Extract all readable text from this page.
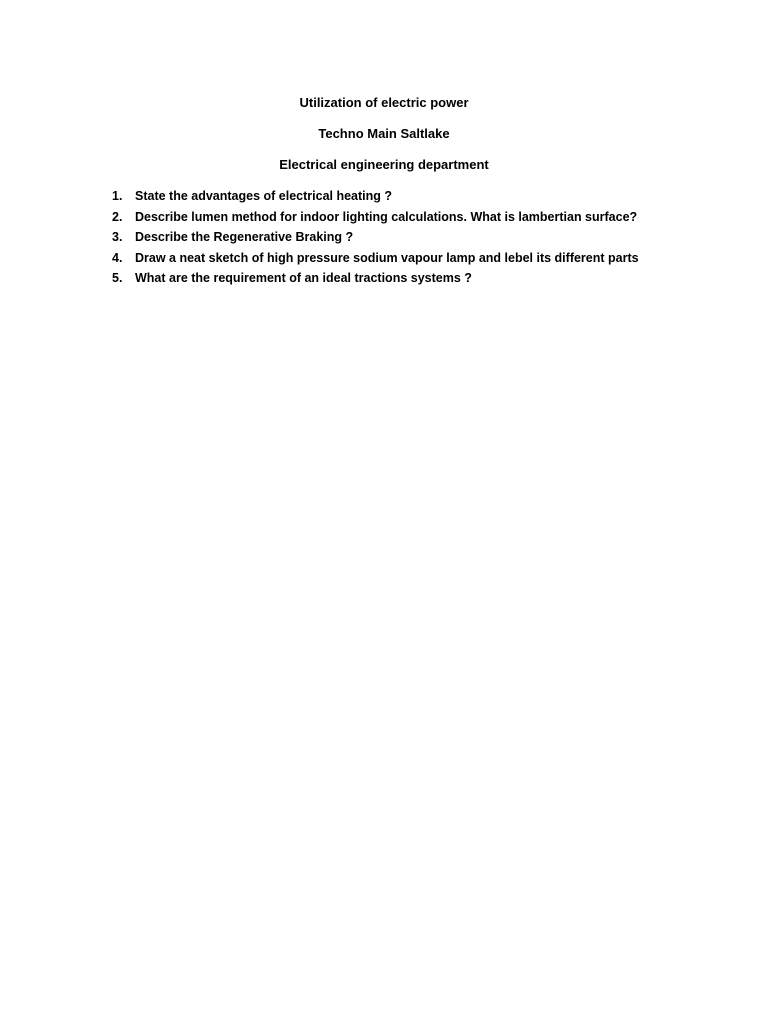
Utilization of electric power
Techno Main Saltlake
Electrical engineering department
1.	State the advantages of electrical heating ?
2.	Describe lumen method for indoor lighting calculations. What is lambertian surface?
3.	Describe the Regenerative Braking ?
4.	Draw a neat sketch of high pressure sodium vapour lamp and lebel its different parts
5.	What are the requirement of an ideal tractions systems ?
